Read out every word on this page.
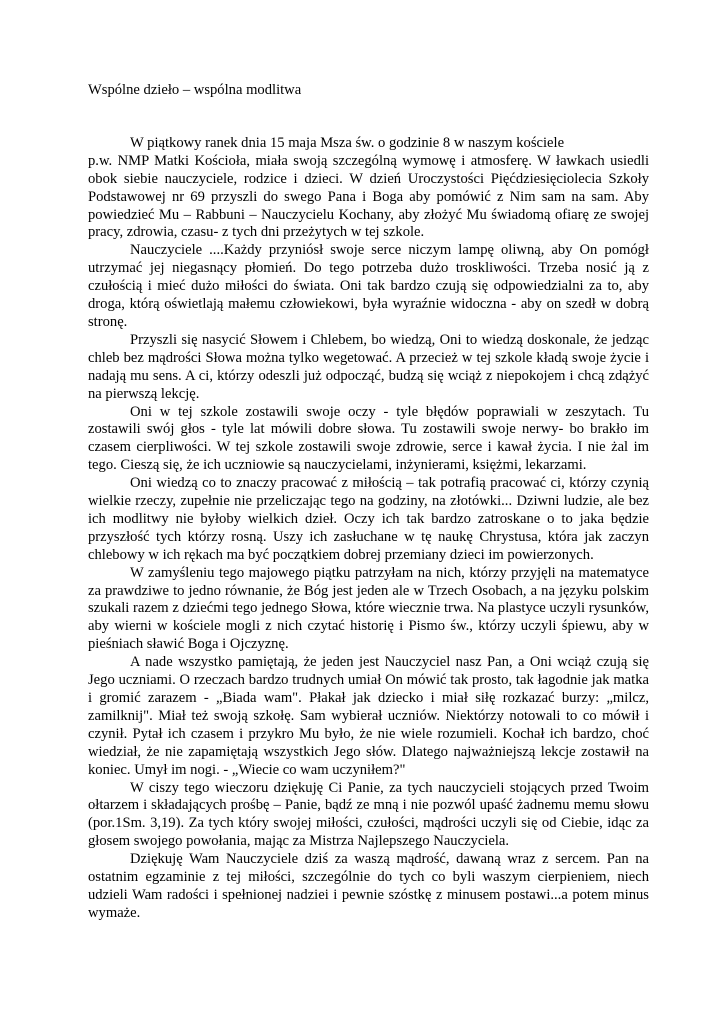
Wspólne dzieło – wspólna modlitwa
W piątkowy ranek dnia 15 maja Msza św. o godzinie 8 w naszym kościele

p.w. NMP Matki Kościoła, miała swoją szczególną wymowę i atmosferę. W ławkach usiedli obok siebie nauczyciele, rodzice i dzieci. W dzień Uroczystości Pięćdziesięciolecia Szkoły Podstawowej nr 69 przyszli do swego Pana i Boga aby pomówić z Nim sam na sam. Aby powiedzieć Mu – Rabbuni – Nauczycielu Kochany, aby złożyć Mu świadomą ofiarę ze swojej pracy, zdrowia, czasu- z tych dni przeżytych w tej szkole.

Nauczyciele ....Każdy przyniósł swoje serce niczym lampę oliwną, aby On pomógł utrzymać jej niegasnący płomień. Do tego potrzeba dużo troskliwości. Trzeba nosić ją z czułością i mieć dużo miłości do świata. Oni tak bardzo czują się odpowiedzialni za to, aby droga, którą oświetlają małemu człowiekowi, była wyraźnie widoczna - aby on szedł w dobrą stronę.

Przyszli się nasycić Słowem i Chlebem, bo wiedzą, Oni to wiedzą doskonale, że jedząc chleb bez mądrości Słowa można tylko wegetować. A przecież w tej szkole kładą swoje życie i nadają mu sens. A ci, którzy odeszli już odpocząć, budzą się wciąż z niepokojem i chcą zdążyć na pierwszą lekcję.

Oni w tej szkole zostawili swoje oczy - tyle błędów poprawiali w zeszytach. Tu zostawili swój głos - tyle lat mówili dobre słowa. Tu zostawili swoje nerwy- bo brakło im czasem cierpliwości. W tej szkole zostawili swoje zdrowie, serce i kawał życia. I nie żal im tego. Cieszą się, że ich uczniowie są nauczycielami, inżynierami, księżmi, lekarzami.

Oni wiedzą co to znaczy pracować z miłością – tak potrafią pracować ci, którzy czynią wielkie rzeczy, zupełnie nie przeliczając tego na godziny, na złotówki... Dziwni ludzie, ale bez ich modlitwy nie byłoby wielkich dzieł. Oczy ich tak bardzo zatroskane o to jaka będzie przyszłość tych którzy rosną. Uszy ich zasłuchane w tę naukę Chrystusa, która jak zaczyn chlebowy w ich rękach ma być początkiem dobrej przemiany dzieci im powierzonych.

W zamyśleniu tego majowego piątku patrzyłam na nich, którzy przyjęli na matematyce za prawdziwe to jedno równanie, że Bóg jest jeden ale w Trzech Osobach, a na języku polskim szukali razem z dziećmi tego jednego Słowa, które wiecznie trwa. Na plastyce uczyli rysunków, aby wierni w kościele mogli z nich czytać historię i Pismo św., którzy uczyli śpiewu, aby w pieśniach sławić Boga i Ojczyznę.

A nade wszystko pamiętają, że jeden jest Nauczyciel nasz Pan, a Oni wciąż czują się Jego uczniami. O rzeczach bardzo trudnych umiał On mówić tak prosto, tak łagodnie jak matka i gromić zarazem - „Biada wam". Płakał jak dziecko i miał siłę rozkazać burzy: „milcz, zamilknij". Miał też swoją szkołę. Sam wybierał uczniów. Niektórzy notowali to co mówił i czynił. Pytał ich czasem i przykro Mu było, że nie wiele rozumieli. Kochał ich bardzo, choć wiedział, że nie zapamiętają wszystkich Jego słów. Dlatego najważniejszą lekcje zostawił na koniec. Umył im nogi. - „Wiecie co wam uczyniłem?"

W ciszy tego wieczoru dziękuję Ci Panie, za tych nauczycieli stojących przed Twoim ołtarzem i składających prośbę – Panie, bądź ze mną i nie pozwól upaść żadnemu memu słowu (por.1Sm. 3,19). Za tych który swojej miłości, czułości, mądrości uczyli się od Ciebie, idąc za głosem swojego powołania, mając za Mistrza Najlepszego Nauczyciela.

Dziękuję Wam Nauczyciele dziś za waszą mądrość, dawaną wraz z sercem. Pan na ostatnim egzaminie z tej miłości, szczególnie do tych co byli waszym cierpieniem, niech udzieli Wam radości i spełnionej nadziei i pewnie szóstkę z minusem postawi...a potem minus wymaże.
